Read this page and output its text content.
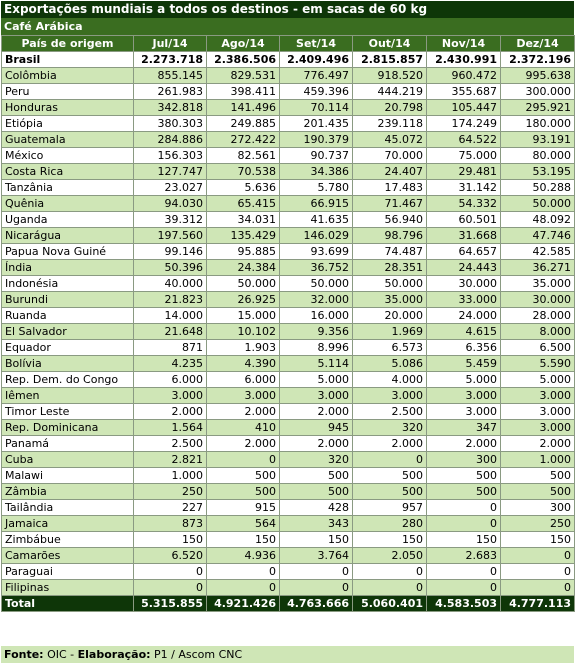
Exportações mundiais a todos os destinos - em sacas de 60 kg
Café Arábica
País de origem	Jul/14	Ago/14	Set/14	Out/14	Nov/14	Dez/14
Brasil	2.273.718	2.386.506	2.409.496	2.815.857	2.430.991	2.372.196
Colômbia	855.145	829.531	776.497	918.520	960.472	995.638
Peru	261.983	398.411	459.396	444.219	355.687	300.000
Honduras	342.818	141.496	70.114	20.798	105.447	295.921
Etiópia	380.303	249.885	201.435	239.118	174.249	180.000
Guatemala	284.886	272.422	190.379	45.072	64.522	93.191
México	156.303	82.561	90.737	70.000	75.000	80.000
Costa Rica	127.747	70.538	34.386	24.407	29.481	53.195
Tanzânia	23.027	5.636	5.780	17.483	31.142	50.288
Quênia	94.030	65.415	66.915	71.467	54.332	50.000
Uganda	39.312	34.031	41.635	56.940	60.501	48.092
Nicarágua	197.560	135.429	146.029	98.796	31.668	47.746
Papua Nova Guiné	99.146	95.885	93.699	74.487	64.657	42.585
Índia	50.396	24.384	36.752	28.351	24.443	36.271
Indonésia	40.000	50.000	50.000	50.000	30.000	35.000
Burundi	21.823	26.925	32.000	35.000	33.000	30.000
Ruanda	14.000	15.000	16.000	20.000	24.000	28.000
El Salvador	21.648	10.102	9.356	1.969	4.615	8.000
Equador	871	1.903	8.996	6.573	6.356	6.500
Bolívia	4.235	4.390	5.114	5.086	5.459	5.590
Rep. Dem. do Congo	6.000	6.000	5.000	4.000	5.000	5.000
Iêmen	3.000	3.000	3.000	3.000	3.000	3.000
Timor Leste	2.000	2.000	2.000	2.500	3.000	3.000
Rep. Dominicana	1.564	410	945	320	347	3.000
Panamá	2.500	2.000	2.000	2.000	2.000	2.000
Cuba	2.821	0	320	0	300	1.000
Malawi	1.000	500	500	500	500	500
Zâmbia	250	500	500	500	500	500
Tailândia	227	915	428	957	0	300
Jamaica	873	564	343	280	0	250
Zimbábue	150	150	150	150	150	150
Camarões	6.520	4.936	3.764	2.050	2.683	0
Paraguai	0	0	0	0	0	0
Filipinas	0	0	0	0	0	0
Total	5.315.855	4.921.426	4.763.666	5.060.401	4.583.503	4.777.113
Fonte: OIC - Elaboração: P1 / Ascom CNC
